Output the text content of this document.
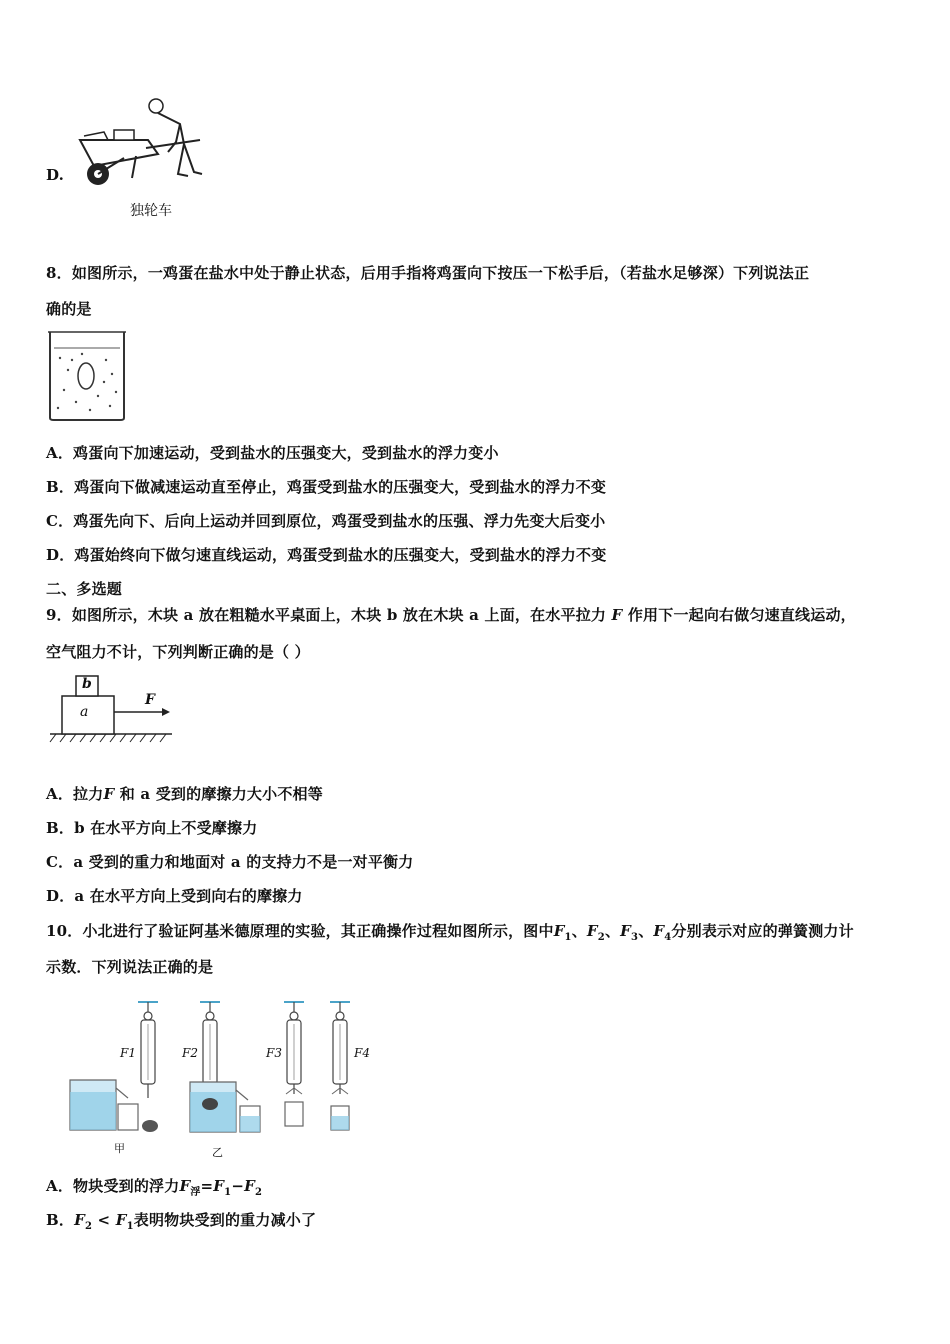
D.
独轮车
8．如图所示，一鸡蛋在盐水中处于静止状态，后用手指将鸡蛋向下按压一下松手后，（若盐水足够深）下列说法正
确的是
A．鸡蛋向下加速运动，受到盐水的压强变大，受到盐水的浮力变小
B．鸡蛋向下做减速运动直至停止，鸡蛋受到盐水的压强变大，受到盐水的浮力不变
C．鸡蛋先向下、后向上运动并回到原位，鸡蛋受到盐水的压强、浮力先变大后变小
D．鸡蛋始终向下做匀速直线运动，鸡蛋受到盐水的压强变大，受到盐水的浮力不变
二、多选题
9．如图所示，木块 a 放在粗糙水平桌面上，木块 b 放在木块 a 上面，在水平拉力 F 作用下一起向右做匀速直线运动，
空气阻力不计，下列判断正确的是（ ）
b
a
F
A．拉力F 和 a 受到的摩擦力大小不相等
B．b 在水平方向上不受摩擦力
C．a 受到的重力和地面对 a 的支持力不是一对平衡力
D．a 在水平方向上受到向右的摩擦力
10．小北进行了验证阿基米德原理的实验，其正确操作过程如图所示，图中$F_1$、$F_2$、$F_3$、$F_4$分别表示对应的弹簧测力计
示数．下列说法正确的是
F1	F2	F3	F4
甲	乙
A．物块受到的浮力$F_浮=F_1-F_2$
B．$F_2 < F_1$表明物块受到的重力减小了
